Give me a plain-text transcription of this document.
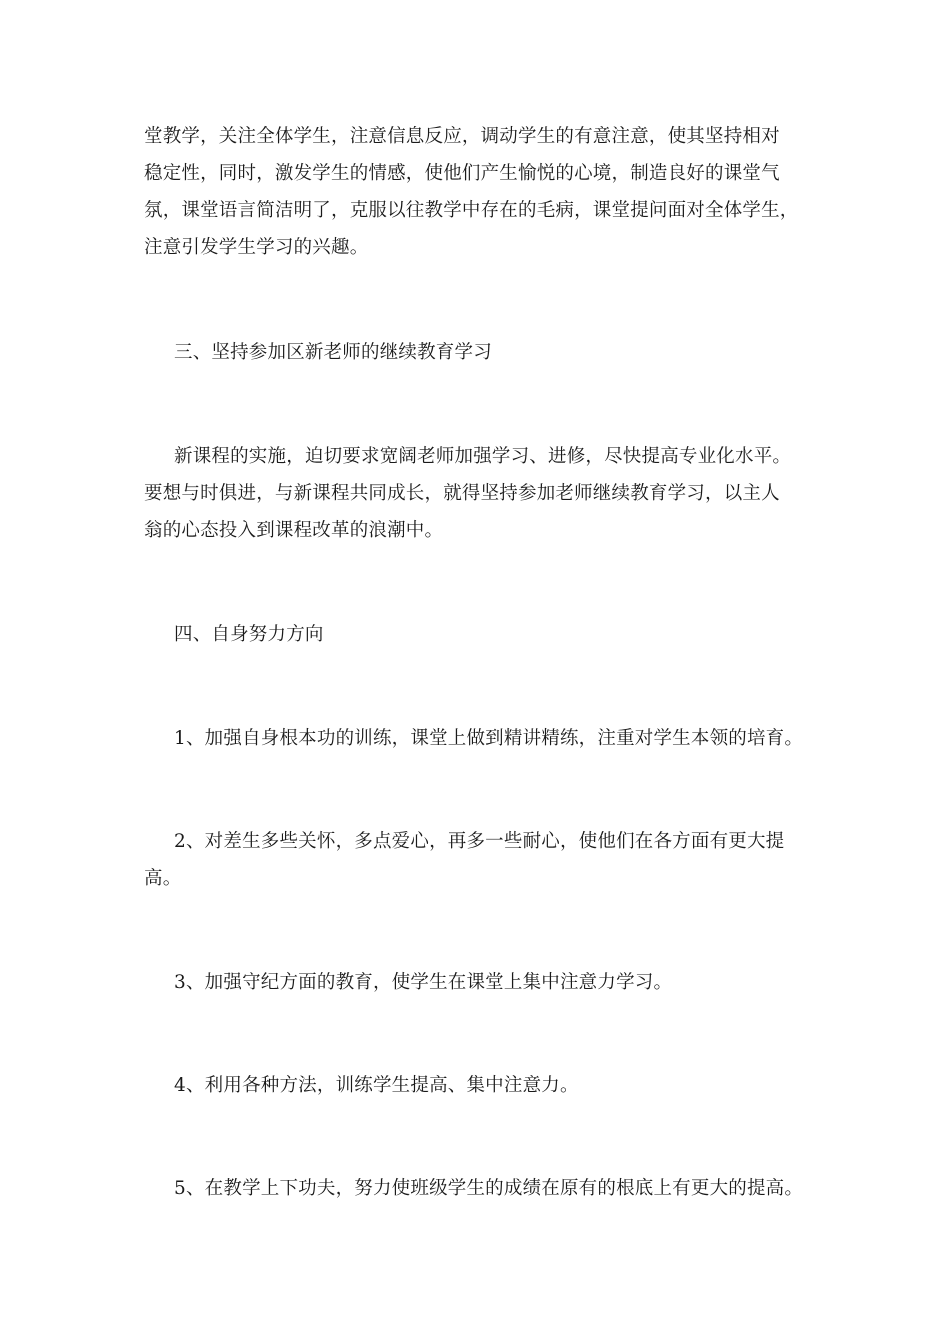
堂教学，关注全体学生，注意信息反应，调动学生的有意注意，使其坚持相对
稳定性，同时，激发学生的情感，使他们产生愉悦的心境，制造良好的课堂气
氛，课堂语言简洁明了，克服以往教学中存在的毛病，课堂提问面对全体学生，
注意引发学生学习的兴趣。

三、坚持参加区新老师的继续教育学习

新课程的实施，迫切要求宽阔老师加强学习、进修，尽快提高专业化水平。
要想与时俱进，与新课程共同成长，就得坚持参加老师继续教育学习，以主人
翁的心态投入到课程改革的浪潮中。

四、自身努力方向

1、加强自身根本功的训练，课堂上做到精讲精练，注重对学生本领的培育。

2、对差生多些关怀，多点爱心，再多一些耐心，使他们在各方面有更大提
高。

3、加强守纪方面的教育，使学生在课堂上集中注意力学习。

4、利用各种方法，训练学生提高、集中注意力。

5、在教学上下功夫，努力使班级学生的成绩在原有的根底上有更大的提高。
